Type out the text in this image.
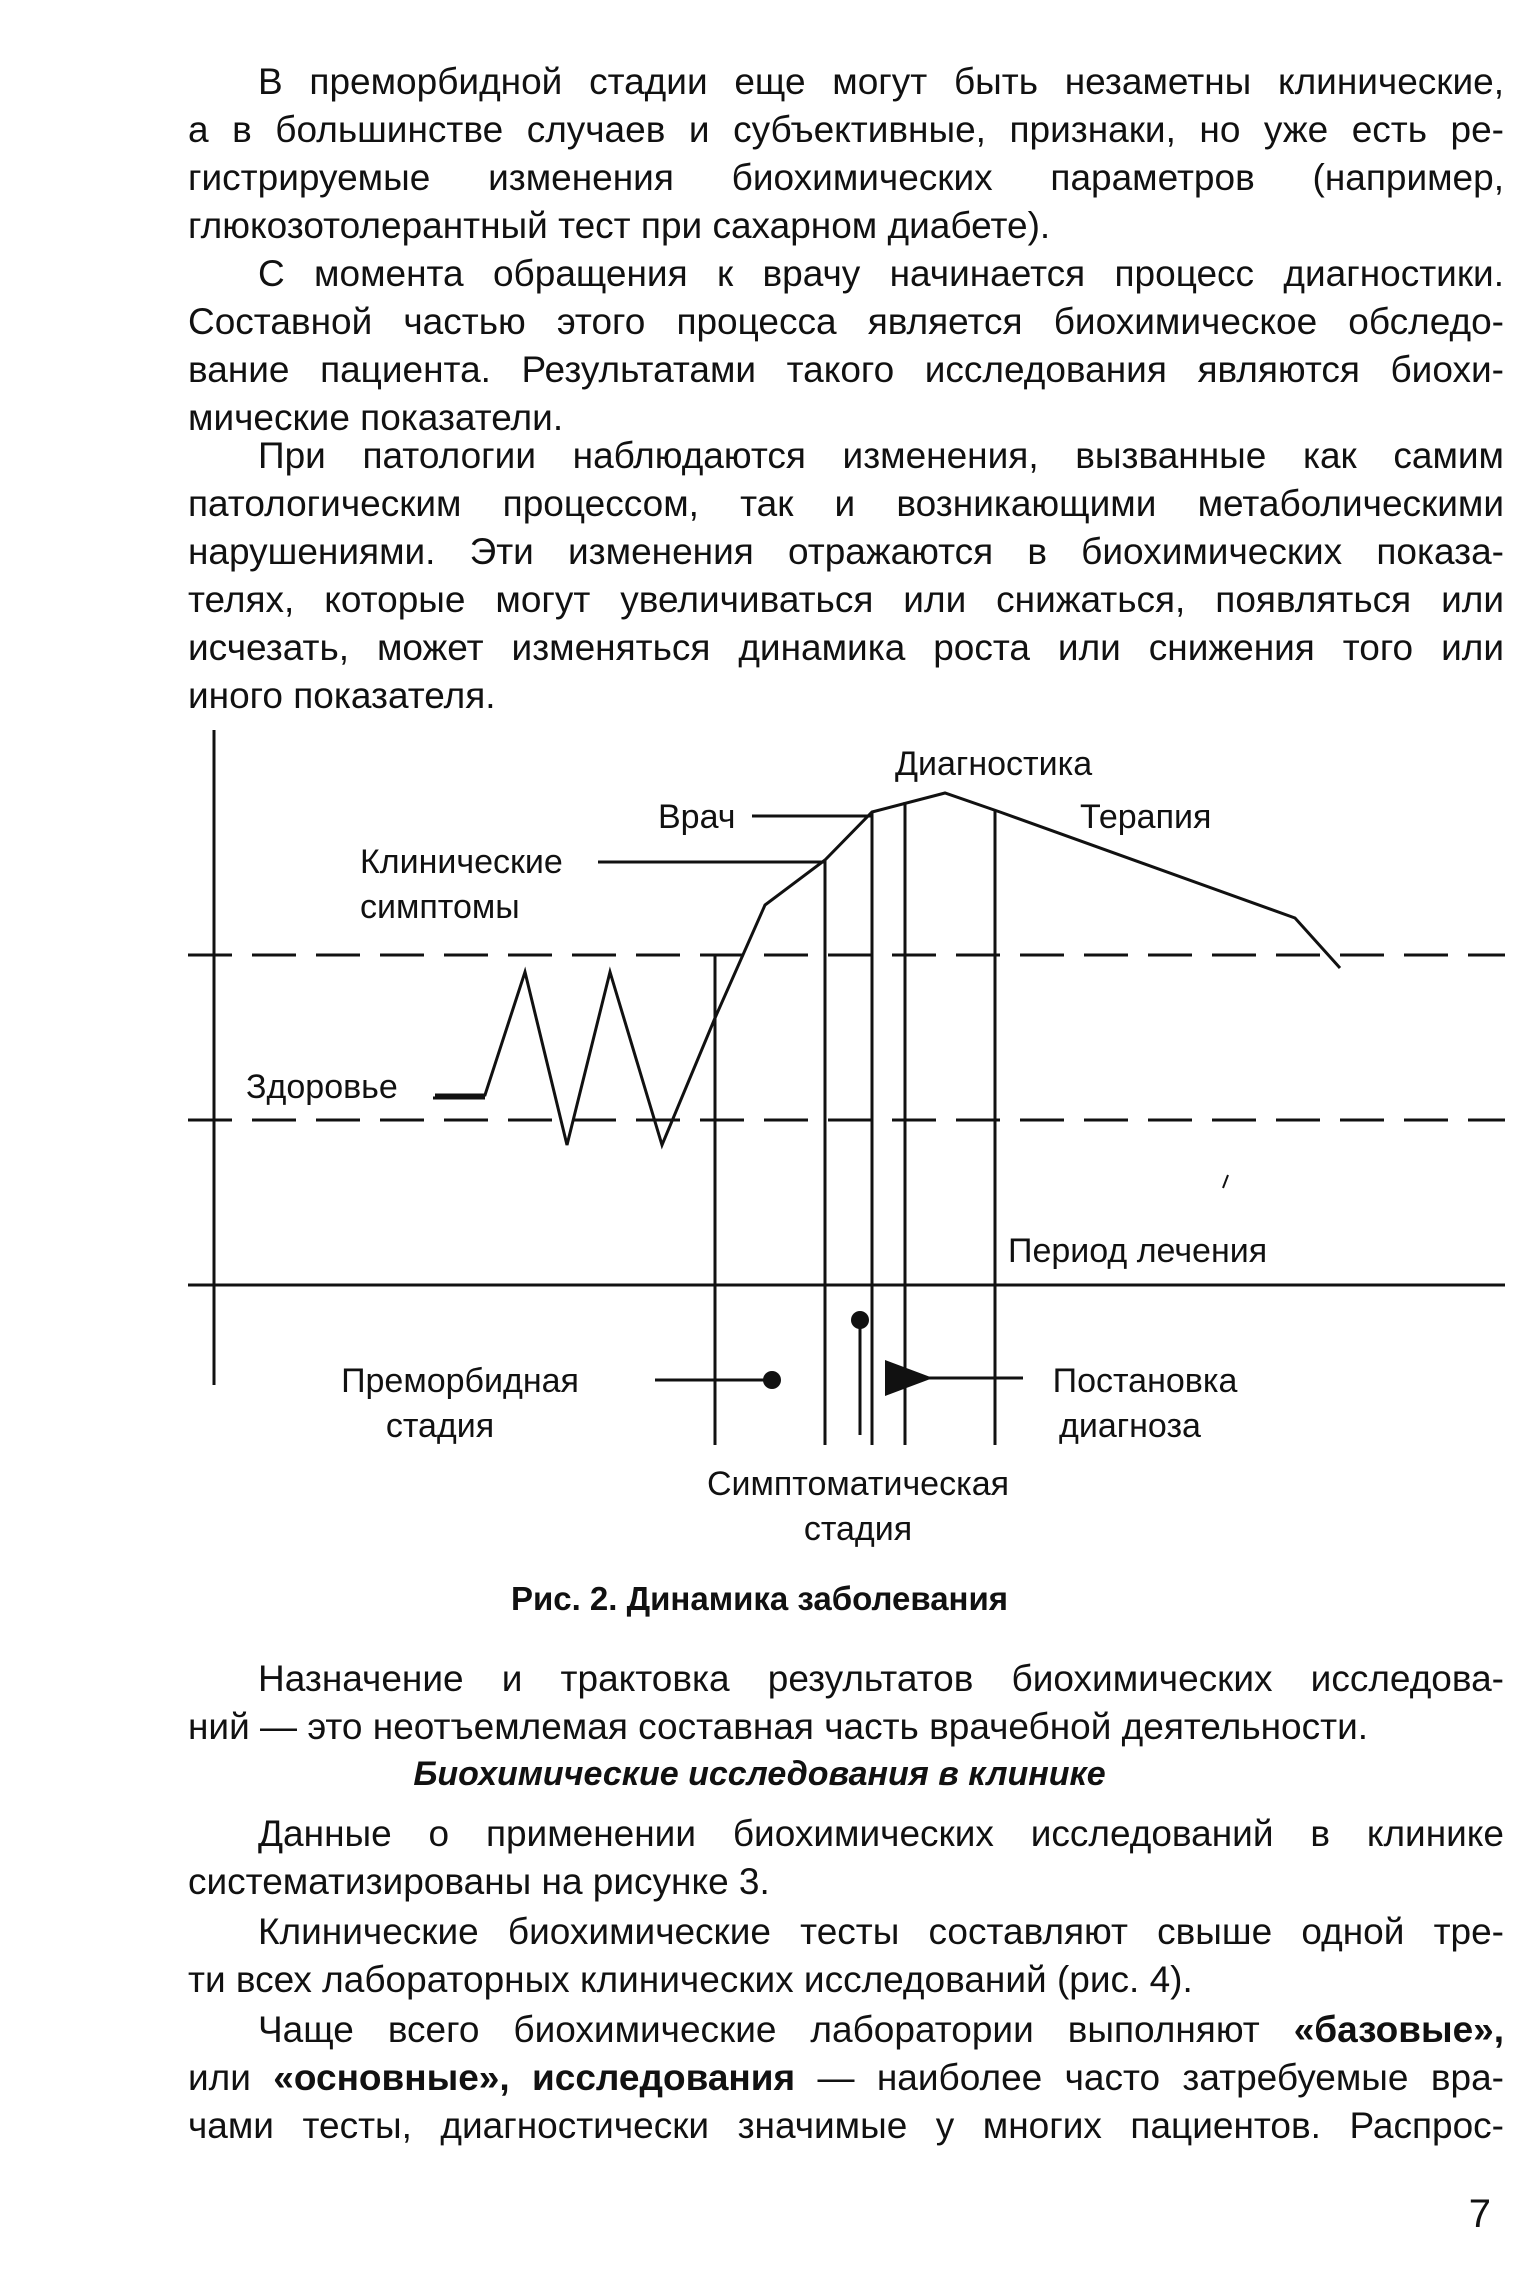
В преморбидной стадии еще могут быть незаметны клинические,
а в большинстве случаев и субъективные, признаки, но уже есть ре-
гистрируемые изменения биохимических параметров (например,
глюкозотолерантный тест при сахарном диабете).
С момента обращения к врачу начинается процесс диагностики.
Составной частью этого процесса является биохимическое обследо-
вание пациента. Результатами такого исследования являются биохи-
мические показатели.
При патологии наблюдаются изменения, вызванные как самим
патологическим процессом, так и возникающими метаболическими
нарушениями. Эти изменения отражаются в биохимических показа-
телях, которые могут увеличиваться или снижаться, появляться или
исчезать, может изменяться динамика роста или снижения того или
иного показателя.
Диагностика
Врач	Терапия
Клинические
симптомы
Здоровье
Период лечения
Преморбидная
стадия
Постановка
диагноза
Симптоматическая
стадия
Рис. 2. Динамика заболевания
Назначение и трактовка результатов биохимических исследова-
ний — это неотъемлемая составная часть врачебной деятельности.
Биохимические исследования в клинике
Данные о применении биохимических исследований в клинике
систематизированы на рисунке 3.
Клинические биохимические тесты составляют свыше одной тре-
ти всех лабораторных клинических исследований (рис. 4).
Чаще всего биохимические лаборатории выполняют «базовые»,
или «основные», исследования — наиболее часто затребуемые вра-
чами тесты, диагностически значимые у многих пациентов. Распрос-
7
